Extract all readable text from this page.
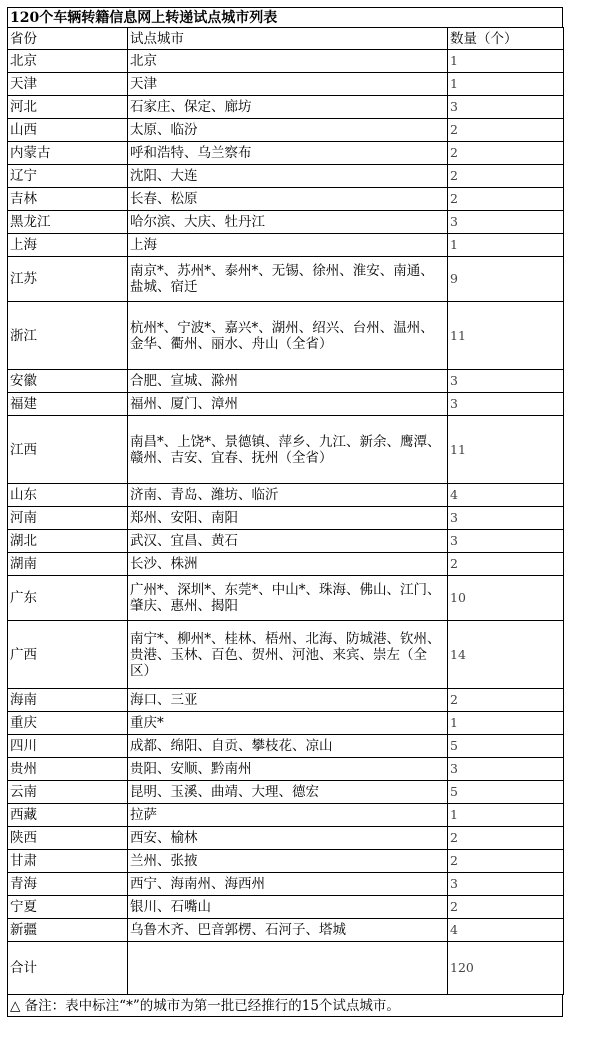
120个车辆转籍信息网上转递试点城市列表
省份	试点城市	数量（个）
北京	北京	1
天津	天津	1
河北	石家庄、保定、廊坊	3
山西	太原、临汾	2
内蒙古	呼和浩特、乌兰察布	2
辽宁	沈阳、大连	2
吉林	长春、松原	2
黑龙江	哈尔滨、大庆、牡丹江	3
上海	上海	1
江苏	南京*、苏州*、泰州*、无锡、徐州、淮安、南通、盐城、宿迁	9
浙江	杭州*、宁波*、嘉兴*、湖州、绍兴、台州、温州、金华、衢州、丽水、舟山（全省）	11
安徽	合肥、宣城、滁州	3
福建	福州、厦门、漳州	3
江西	南昌*、上饶*、景德镇、萍乡、九江、新余、鹰潭、赣州、吉安、宜春、抚州（全省）	11
山东	济南、青岛、潍坊、临沂	4
河南	郑州、安阳、南阳	3
湖北	武汉、宜昌、黄石	3
湖南	长沙、株洲	2
广东	广州*、深圳*、东莞*、中山*、珠海、佛山、江门、肇庆、惠州、揭阳	10
广西	南宁*、柳州*、桂林、梧州、北海、防城港、钦州、贵港、玉林、百色、贺州、河池、来宾、崇左（全区）	14
海南	海口、三亚	2
重庆	重庆*	1
四川	成都、绵阳、自贡、攀枝花、凉山	5
贵州	贵阳、安顺、黔南州	3
云南	昆明、玉溪、曲靖、大理、德宏	5
西藏	拉萨	1
陕西	西安、榆林	2
甘肃	兰州、张掖	2
青海	西宁、海南州、海西州	3
宁夏	银川、石嘴山	2
新疆	乌鲁木齐、巴音郭楞、石河子、塔城	4
合计		120
△ 备注：表中标注“*”的城市为第一批已经推行的15个试点城市。
